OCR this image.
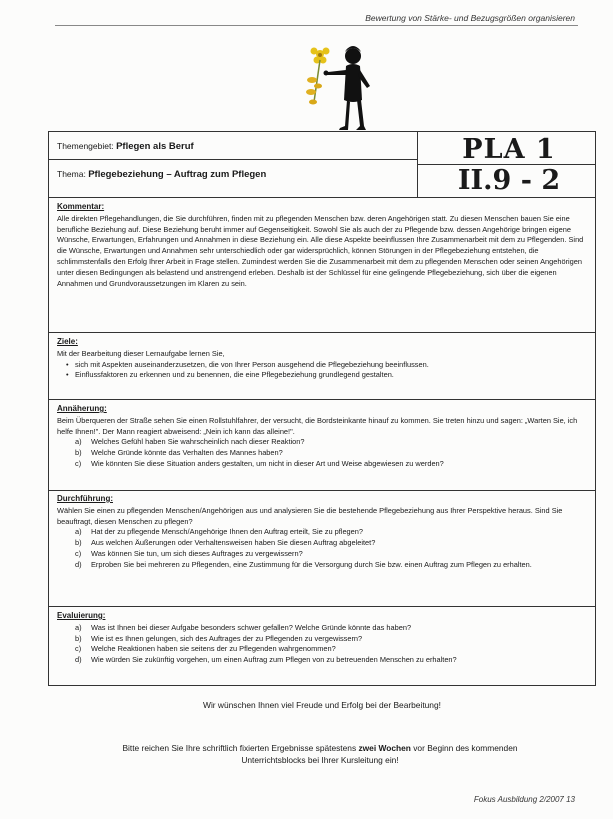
Bewertung von Stärke- und Bezugsgrößen organisieren
Themengebiet: Pflegen als Beruf
Thema: Pflegebeziehung – Auftrag zum Pflegen
PLA 1
II.9 - 2
Kommentar:

Alle direkten Pflegehandlungen, die Sie durchführen, finden mit zu pflegenden Menschen bzw. deren Angehörigen statt. Zu diesen Menschen bauen Sie eine berufliche Beziehung auf. Diese Beziehung beruht immer auf Gegenseitigkeit. Sowohl Sie als auch der zu Pflegende bzw. dessen Angehörige bringen eigene Wünsche, Erwartungen, Erfahrungen und Annahmen in diese Beziehung ein. Alle diese Aspekte beeinflussen Ihre Zusammenarbeit mit dem zu Pflegenden. Sind die Wünsche, Erwartungen und Annahmen sehr unterschiedlich oder gar widersprüchlich, können Störungen in der Pflegebeziehung entstehen, die schlimmstenfalls den Erfolg Ihrer Arbeit in Frage stellen. Zumindest werden Sie die Zusammenarbeit mit dem zu pflegenden Menschen oder seinen Angehörigen unter diesen Bedingungen als belastend und anstrengend erleben. Deshalb ist der Schlüssel für eine gelingende Pflegebeziehung, sich über die eigenen Annahmen und Grundvoraussetzungen im Klaren zu sein.

Ziele:

Mit der Bearbeitung dieser Lernaufgabe lernen Sie,

• sich mit Aspekten auseinanderzusetzen, die von Ihrer Person ausgehend die Pflegebeziehung beeinflussen.
• Einflussfaktoren zu erkennen und zu benennen, die eine Pflegebeziehung grundlegend gestalten.
Annäherung:

Beim Überqueren der Straße sehen Sie einen Rollstuhlfahrer, der versucht, die Bordsteinkante hinauf zu kommen. Sie treten hinzu und sagen: „Warten Sie, ich helfe Ihnen!". Der Mann reagiert abweisend: „Nein ich kann das alleine!".

a) Welches Gefühl haben Sie wahrscheinlich nach dieser Reaktion?
b) Welche Gründe könnte das Verhalten des Mannes haben?
c) Wie könnten Sie diese Situation anders gestalten, um nicht in dieser Art und Weise abgewiesen zu werden?
Durchführung:

Wählen Sie einen zu pflegenden Menschen/Angehörigen aus und analysieren Sie die bestehende Pflegebeziehung aus Ihrer Perspektive heraus. Sind Sie beauftragt, diesen Menschen zu pflegen?

a) Hat der zu pflegende Mensch/Angehörige Ihnen den Auftrag erteilt, Sie zu pflegen?
b) Aus welchen Äußerungen oder Verhaltensweisen haben Sie diesen Auftrag abgeleitet?
c) Was können Sie tun, um sich dieses Auftrages zu vergewissern?
d) Erproben Sie bei mehreren zu Pflegenden, eine Zustimmung für die Versorgung durch Sie bzw. einen Auftrag zum Pflegen zu erhalten.
Evaluierung:
a) Was ist Ihnen bei dieser Aufgabe besonders schwer gefallen? Welche Gründe könnte das haben?
b) Wie ist es Ihnen gelungen, sich des Auftrages der zu Pflegenden zu vergewissern?
c) Welche Reaktionen haben sie seitens der zu Pflegenden wahrgenommen?
d) Wie würden Sie zukünftig vorgehen, um einen Auftrag zum Pflegen von zu betreuenden Menschen zu erhalten?
Wir wünschen Ihnen viel Freude und Erfolg bei der Bearbeitung!
Bitte reichen Sie Ihre schriftlich fixierten Ergebnisse spätestens zwei Wochen vor Beginn des kommenden Unterrichtsblocks bei Ihrer Kursleitung ein!
Fokus Ausbildung 2/2007 13
